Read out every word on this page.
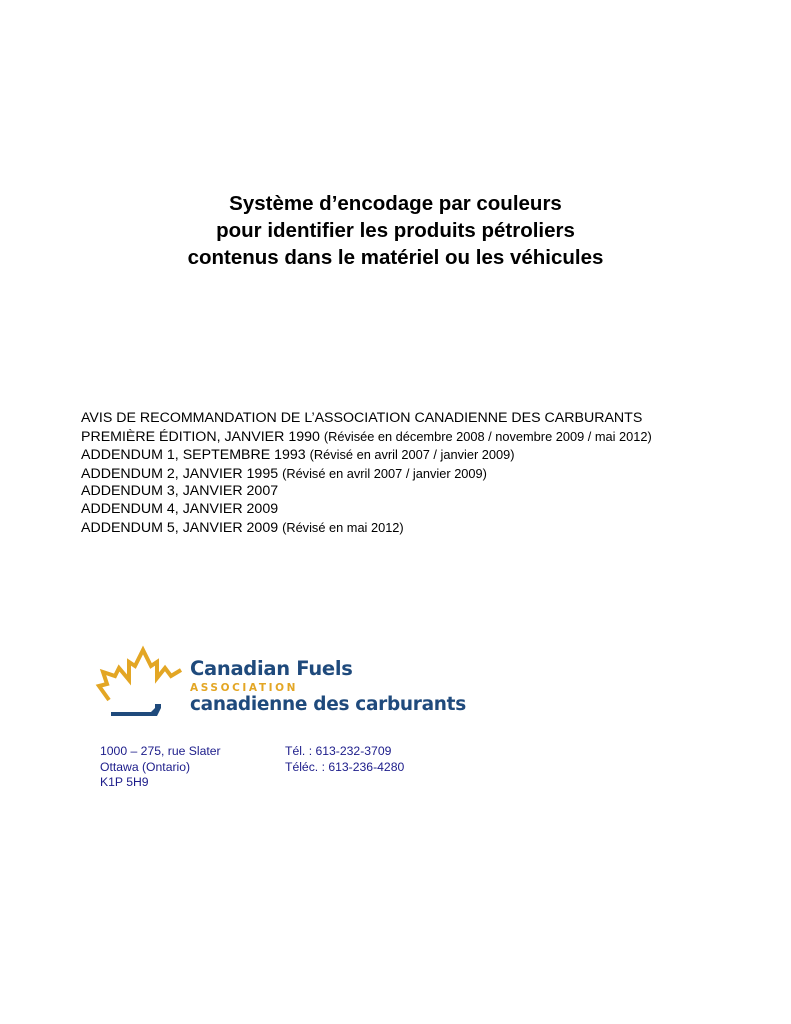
Système d’encodage par couleurs
pour identifier les produits pétroliers
contenus dans le matériel ou les véhicules
AVIS DE RECOMMANDATION DE L’ASSOCIATION CANADIENNE DES CARBURANTS
PREMIÈRE ÉDITION, JANVIER 1990 (Révisée en décembre 2008 / novembre 2009 / mai 2012)
ADDENDUM 1, SEPTEMBRE 1993 (Révisé en avril 2007 / janvier 2009)
ADDENDUM 2, JANVIER 1995 (Révisé en avril 2007 / janvier 2009)
ADDENDUM 3, JANVIER 2007
ADDENDUM 4, JANVIER 2009
ADDENDUM 5, JANVIER 2009 (Révisé en mai 2012)
Canadian Fuels
ASSOCIATION
canadienne des carburants
1000 – 275, rue Slater
Ottawa (Ontario)
K1P 5H9
Tél. : 613-232-3709
Téléc. : 613-236-4280
